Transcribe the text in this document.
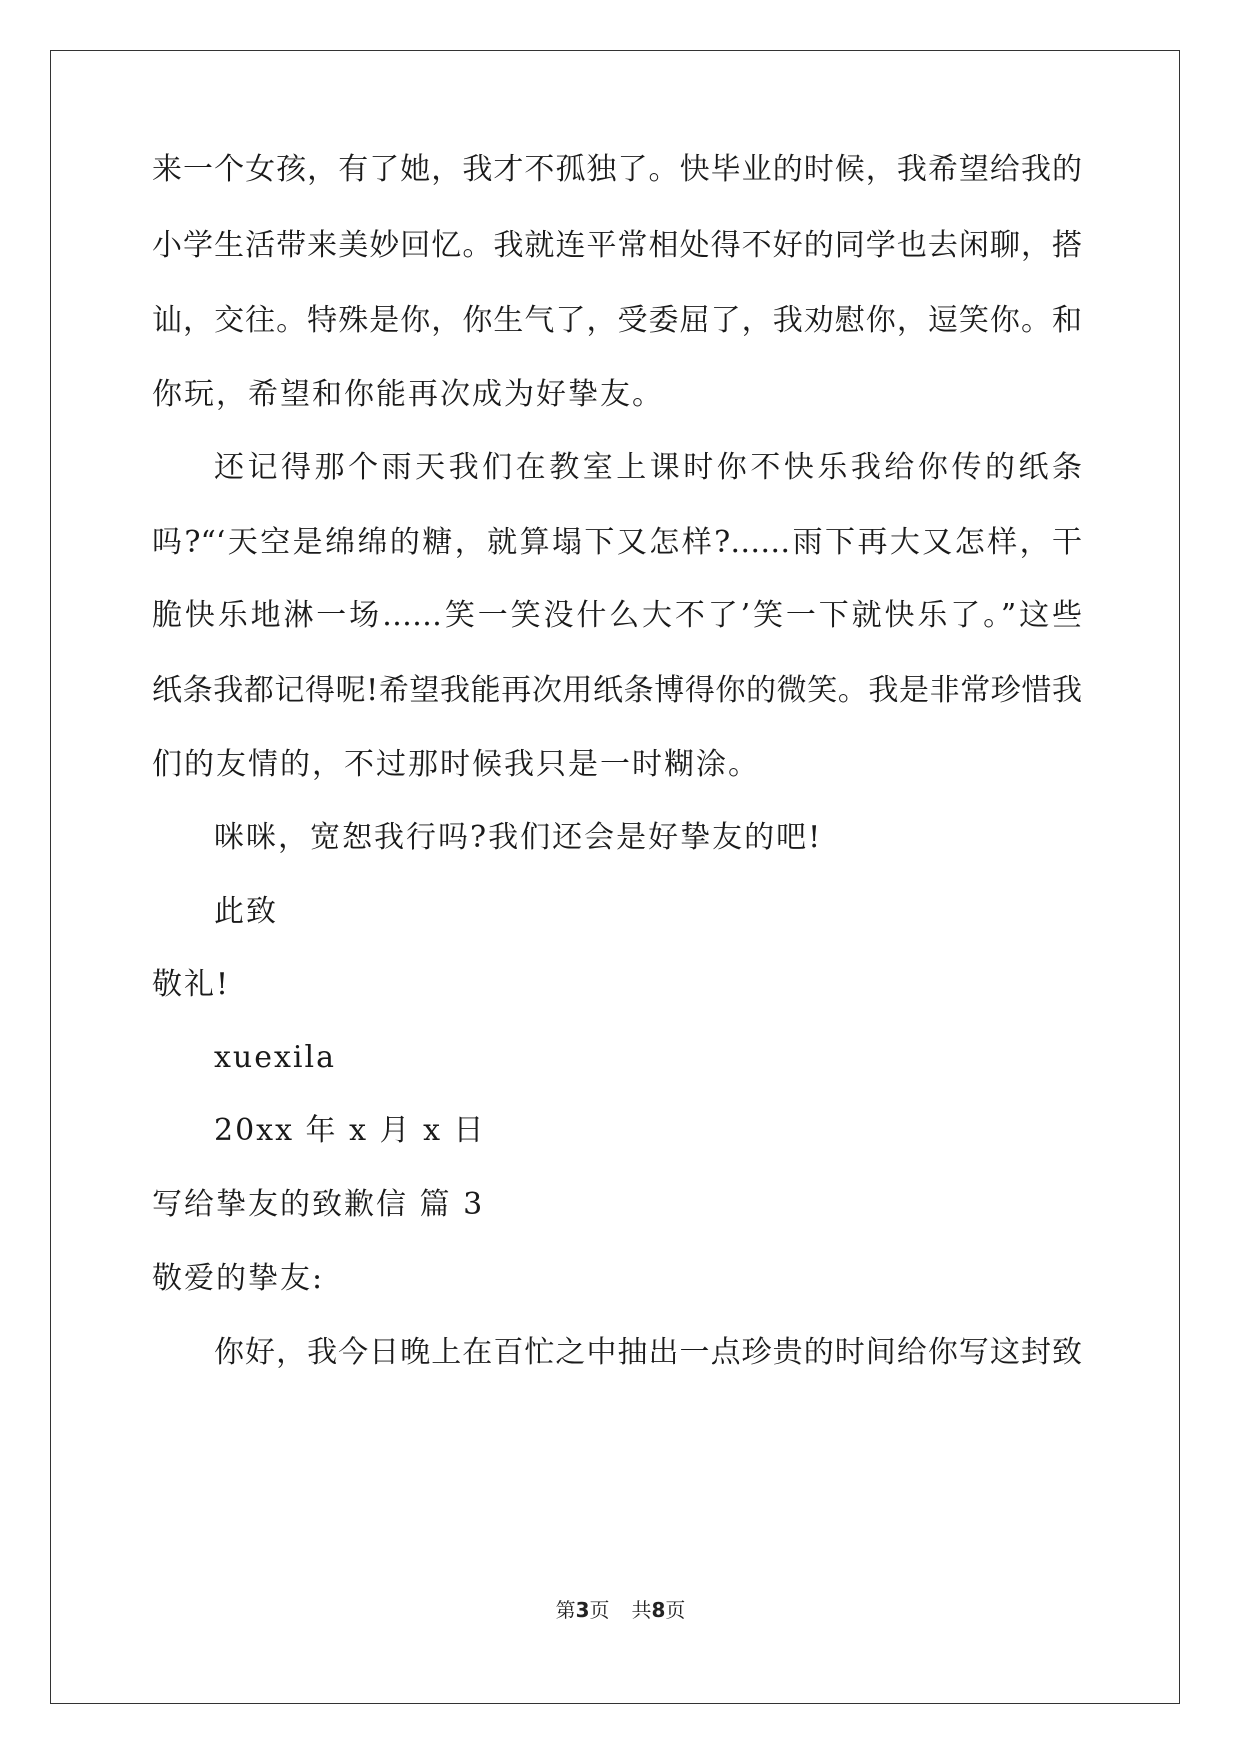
来一个女孩，有了她，我才不孤独了。快毕业的时候，我希望给我的
小学生活带来美妙回忆。我就连平常相处得不好的同学也去闲聊，搭
讪，交往。特殊是你，你生气了，受委屈了，我劝慰你，逗笑你。和
你玩，希望和你能再次成为好挚友。
还记得那个雨天我们在教室上课时你不快乐我给你传的纸条
吗?“‘天空是绵绵的糖，就算塌下又怎样?……雨下再大又怎样，干
脆快乐地淋一场……笑一笑没什么大不了’笑一下就快乐了。”这些
纸条我都记得呢!希望我能再次用纸条博得你的微笑。我是非常珍惜我
们的友情的，不过那时候我只是一时糊涂。
咪咪，宽恕我行吗?我们还会是好挚友的吧!
此致
敬礼!
xuexila
20xx 年 x 月 x 日
写给挚友的致歉信 篇 3
敬爱的挚友:
你好，我今日晚上在百忙之中抽出一点珍贵的时间给你写这封致
第3页 共8页
